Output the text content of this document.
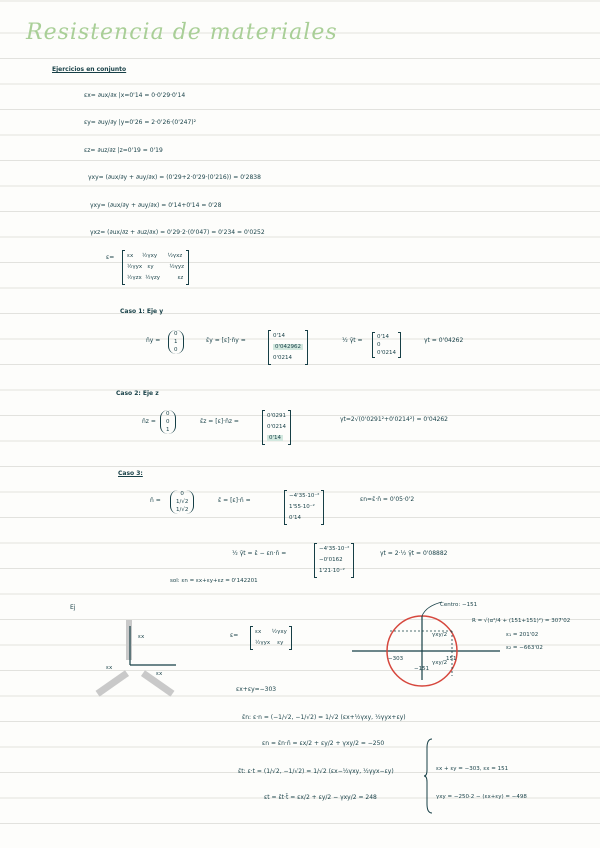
Resistencia de materiales
Ejercicios en conjunto
εx= ∂ux/∂x |x=0'14 = 0·0'29·0'14
εy= ∂uy/∂y |y=0'26 = 2·0'26·(0'247)²
εz= ∂uz/∂z |z=0'19 = 0'19
γxy= (∂ux/∂y + ∂uy/∂x) = (0'29+2·0'29·(0'216)) = 0'2838
γxy= (∂ux/∂y + ∂uy/∂x) = 0'14+0'14 = 0'28
γxz= (∂ux/∂z + ∂uz/∂x) = 0'29·2·(0'047) = 0'234 = 0'0252
ε= εx ½γxy ½γxz
½γyx εy	½γyz
½γzx ½γzy	εz
Caso 1: Eje y
n̄y =
0
1
0
ε̄y = [ε]·n̄y =
0'14
0'042962
0'0214
½ γ̄t =	0'14
0
0'0214
γt = 0'04262
Caso 2: Eje z
n̄z =
0
0
1
ε̄z = [ε]·n̄z =
0'0291
0'0214
0'14
γt=2√(0'0291²+0'0214²) = 0'04262
Caso 3:
n̄ =
0
1/√2
1/√2
ε̄ = [ε]·n̄ =
−4'35·10⁻²
1'55·10⁻²
0'14
εn=ε̄·n̄ = 0'05·0'2
½ γ̄t = ε̄ − εn·n̄ =
−4'35·10⁻²
−0'0162
1'21·10⁻²
γt = 2·½ γ̄t = 0'08882
sol: εn = εx+εy+εz = 0'142201
Ej
εx
εx
εx
ε=	εx ½γxy
½γyx εy
Centro: −151
R = √(α²/4 + (151+151)²) = 307'02
ε₁ = 201'02
ε₂ = −663'02
−303
−151
γxy/2
γxy/2
151
εx+εy=−303
ε̄n: ε·n = (−1/√2, −1/√2) = 1/√2 (εx+½γxy, ½γyx+εy)
εn = ε̄n·n̄ = εx/2 + εy/2 + γxy/2 = −250
ε̄t: ε·t = (1/√2, −1/√2) = 1/√2 (εx−½γxy, ½γyx−εy)
εt = ε̄t·t̄ = εx/2 + εy/2 − γxy/2 = 248
εx + εy = −303, εx = 151
γxy = −250·2 − (εx+εy) = −498
